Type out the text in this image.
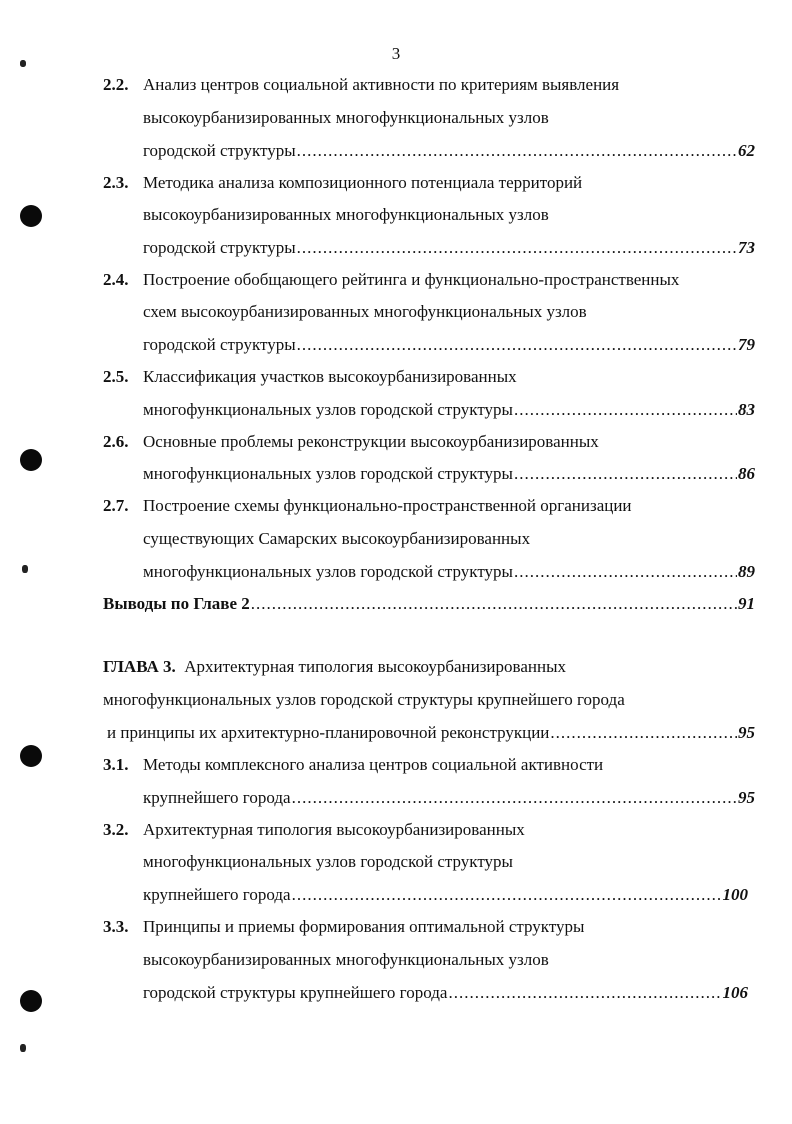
3
2.2. Анализ центров социальной активности по критериям выявления
высокоурбанизированных многофункциональных узлов
городской структуры .....	62
2.3. Методика анализа композиционного потенциала территорий
высокоурбанизированных многофункциональных узлов
городской структуры .....	73
2.4. Построение обобщающего рейтинга и функционально-пространственных
схем высокоурбанизированных многофункциональных узлов
городской структуры .....	79
2.5. Классификация участков высокоурбанизированных
многофункциональных узлов городской структуры .....	83
2.6. Основные проблемы реконструкции высокоурбанизированных
многофункциональных узлов городской структуры .....	86
2.7. Построение схемы функционально-пространственной организации
существующих Самарских высокоурбанизированных
многофункциональных узлов городской структуры .....	89
Выводы по Главе 2 .....	91
ГЛАВА 3. Архитектурная типология высокоурбанизированных
многофункциональных узлов городской структуры крупнейшего города
и принципы их архитектурно-планировочной реконструкции .....	95
3.1. Методы комплексного анализа центров социальной активности
крупнейшего города .....	95
3.2. Архитектурная типология высокоурбанизированных
многофункциональных узлов городской структуры
крупнейшего города .....	100
3.3. Принципы и приемы формирования оптимальной структуры
высокоурбанизированных многофункциональных узлов
городской структуры крупнейшего города .....	106
